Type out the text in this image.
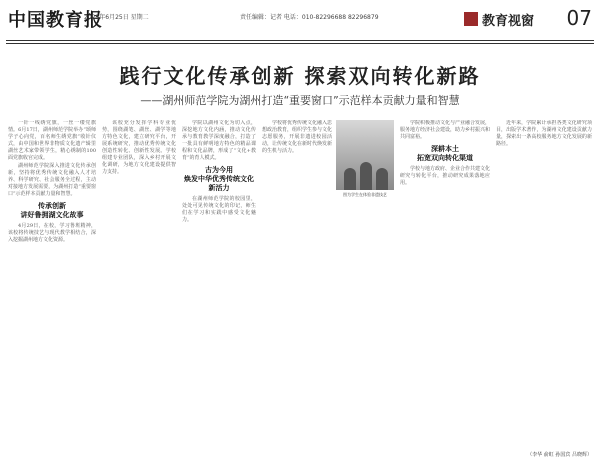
中国教育报
2021年6月25日 星期二	责任编辑：记者 电话：010-82296688 82296879	教育视窗 07
践行文化传承创新 探索双向转化新路
——湖州师范学院为湖州打造“重要窗口”示范样本贡献力量和智慧

一针一线绣党旗，一丝一缕党旗情。6月17日，湖州师范学院举办“颂师学子心向党，百名师生绣党旗”收针仪式，由中国和世界非物质文化遗产辑里湖丝艺术家带领学生，精心绣制的100面党旗收官完成。

湖州师范学院深入推进文化传承创新，坚持将优秀传统文化融入人才培养、科学研究、社会服务全过程，主动对接地方发展需要，为湖州打造“重要窗口”示范样本贡献力量和智慧。

传承创新
讲好鲁拥湖文化故事

4月29日，在校，学习鲁班精神，该校将传统技艺与现代教学相结合，深入挖掘湖州地方文化资源。

该校充分发挥学科专业优势，围绕湖笔、湖丝、湖学等地方特色文化，建立研究平台，开展系统研究，推动优秀传统文化创造性转化、创新性发展。学校组建专业团队，深入乡村开展文化调研，为地方文化建设提供智力支持。

学院以湖州文化为切入点，深挖地方文化内涵，推动文化传承与教育教学深度融合，打造了一批具有鲜明地方特色的精品课程和文化品牌，形成了“文化+教育”的育人模式。

古为今用
焕发中华优秀传统文化新活力

在湖州师范学院的校园里，处处可见传统文化的印记，师生们在学习和实践中感受文化魅力。

学校将优秀传统文化融入思想政治教育，组织学生参与文化志愿服务，开展非遗进校园活动，让传统文化在新时代焕发新的生机与活力。

图为学生在体验非遗技艺

学院积极推动文化与产业融合发展，服务地方经济社会建设，助力乡村振兴和共同富裕。

深耕本土
拓宽双向转化渠道

学校与地方政府、企业合作共建文化研究与转化平台，推动研究成果落地应用。

近年来，学院累计承担各类文化研究项目，出版学术著作，为湖州文化建设贡献力量，探索出一条高校服务地方文化发展的新路径。

（李华 俞虹 孙国宾 吕晓辉）
